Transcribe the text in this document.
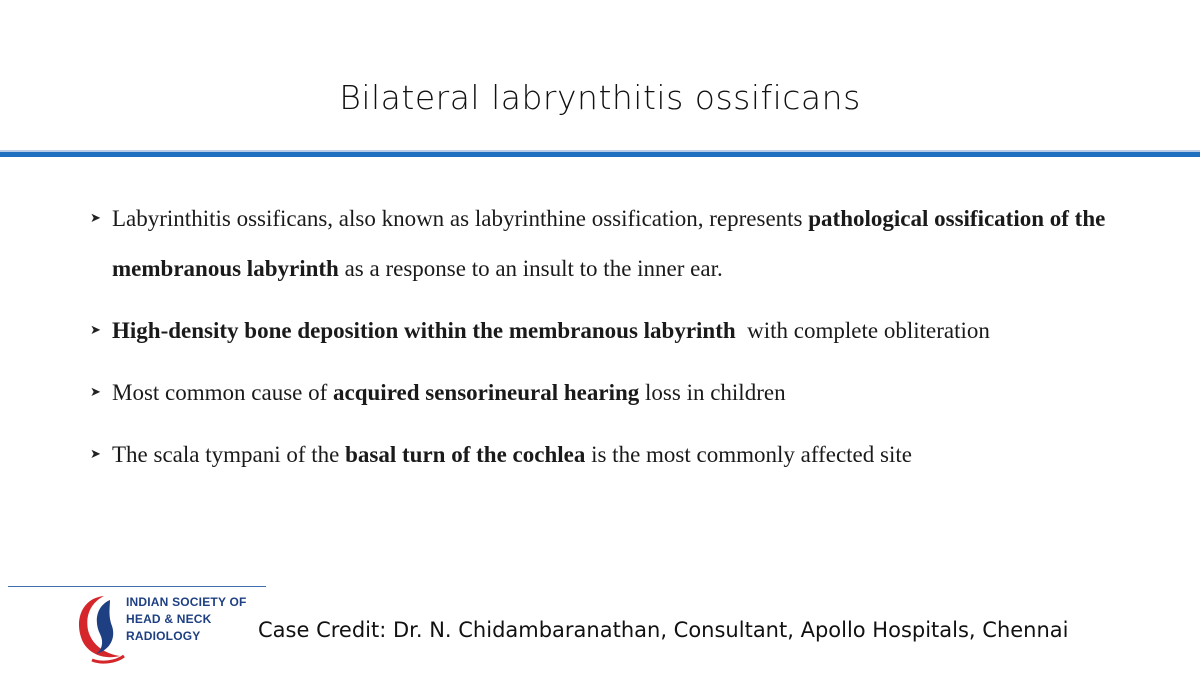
Bilateral labrynthitis ossificans
➤ Labyrinthitis ossificans, also known as labyrinthine ossification, represents pathological ossification of the membranous labyrinth as a response to an insult to the inner ear.
➤ High-density bone deposition within the membranous labyrinth  with complete obliteration
➤ Most common cause of acquired sensorineural hearing loss in children
➤ The scala tympani of the basal turn of the cochlea is the most commonly affected site
INDIAN SOCIETY OF
HEAD & NECK
RADIOLOGY	Case Credit: Dr. N. Chidambaranathan, Consultant, Apollo Hospitals, Chennai
